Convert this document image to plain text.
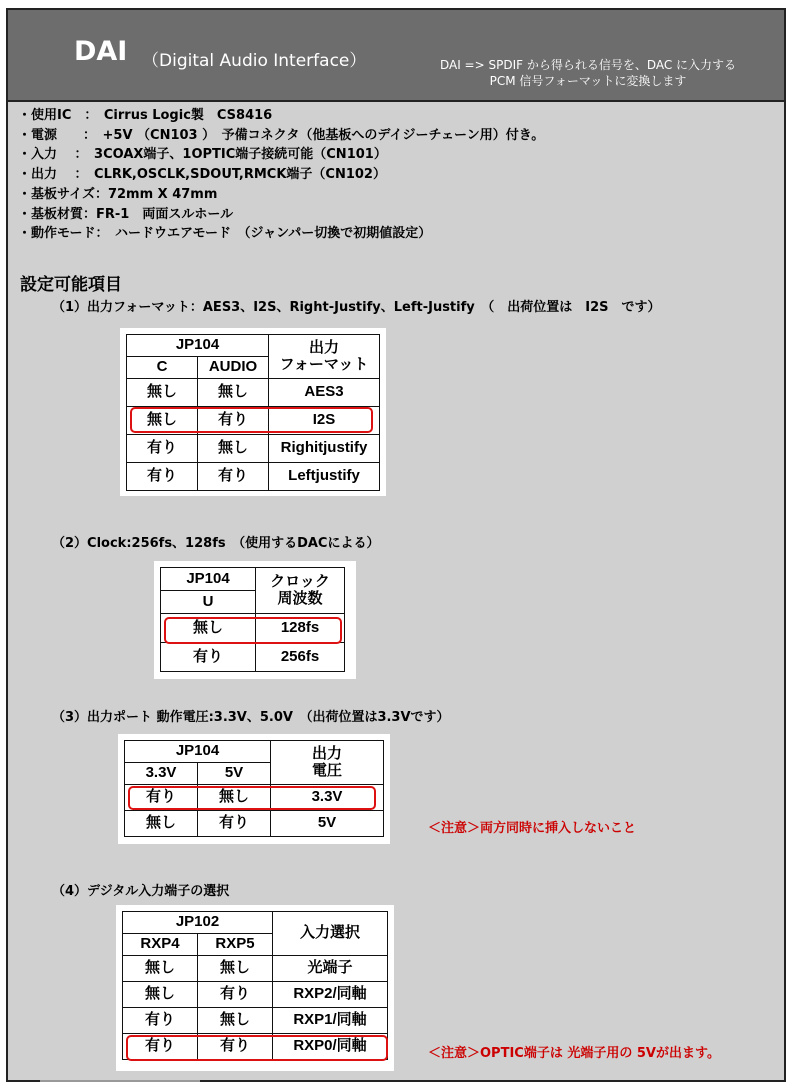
DAI （Digital Audio Interface）	DAI => SPDIF から得られる信号を、DAC に入力する
PCM 信号フォーマットに変換します
・使用IC　：　Cirrus Logic製　CS8416
・電源　　：　+5V （CN103 ）　予備コネクタ（他基板へのデイジーチェーン用）付き。
・入力　 ：　3COAX端子、1OPTIC端子接続可能（CN101）
・出力　 ：　CLRK,OSCLK,SDOUT,RMCK端子（CN102）
・基板サイズ：72mm X 47mm
・基板材質：FR-1　両面スルホール
・動作モード：　ハードウエアモード　（ジャンパー切換で初期値設定）
設定可能項目
（1）出力フォーマット：AES3、I2S、Right-Justify、Left-Justify　（　出荷位置は　I2S　です）
JP104		出力
フォーマット

C	AUDIO	
無し	無し	AES3
無し	有り	I2S
有り	無し	Righitjustify
有り	有り	Leftjustify
（2）Clock:256fs、128fs　（使用するDACによる）
JP104	クロック
周波数

U	
無し	128fs
有り	256fs
（3）出力ポート 動作電圧:3.3V、5.0V　（出荷位置は3.3Vです）
JP104		出力
電圧

3.3V	5V	
有り	無し	3.3V
無し	有り	5V	＜注意＞両方同時に挿入しないこと
（4）デジタル入力端子の選択
JP102		入力選択

RXP4	RXP5	
無し	無し	光端子
無し	有り	RXP2/同軸
有り	無し	RXP1/同軸
有り	有り	RXP0/同軸	＜注意＞OPTIC端子は 光端子用の 5Vが出ます。
